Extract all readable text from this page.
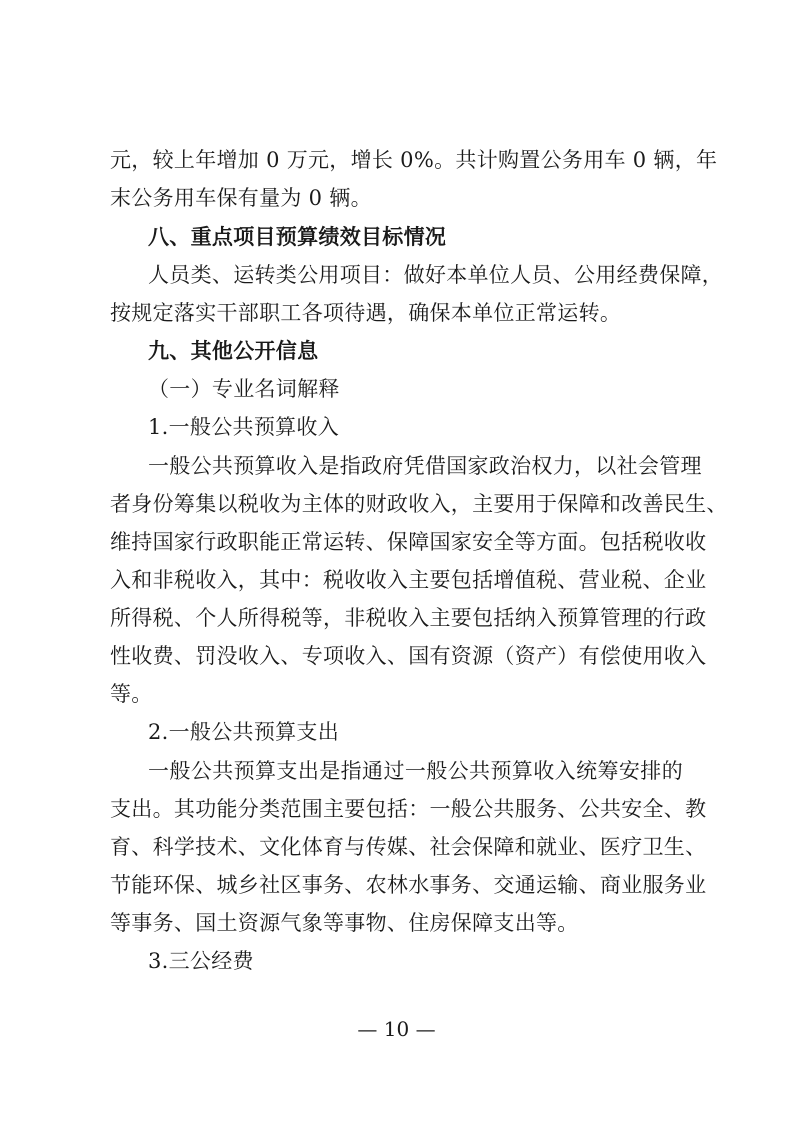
元，较上年增加 0 万元，增长 0%。共计购置公务用车 0 辆，年
末公务用车保有量为 0 辆。
八、重点项目预算绩效目标情况
人员类、运转类公用项目：做好本单位人员、公用经费保障，
按规定落实干部职工各项待遇，确保本单位正常运转。
九、其他公开信息
（一）专业名词解释
1.一般公共预算收入
一般公共预算收入是指政府凭借国家政治权力，以社会管理
者身份筹集以税收为主体的财政收入，主要用于保障和改善民生、
维持国家行政职能正常运转、保障国家安全等方面。包括税收收
入和非税收入，其中：税收收入主要包括增值税、营业税、企业
所得税、个人所得税等，非税收入主要包括纳入预算管理的行政
性收费、罚没收入、专项收入、国有资源（资产）有偿使用收入
等。
2.一般公共预算支出
一般公共预算支出是指通过一般公共预算收入统筹安排的
支出。其功能分类范围主要包括：一般公共服务、公共安全、教
育、科学技术、文化体育与传媒、社会保障和就业、医疗卫生、
节能环保、城乡社区事务、农林水事务、交通运输、商业服务业
等事务、国土资源气象等事物、住房保障支出等。
3.三公经费
— 10 —
